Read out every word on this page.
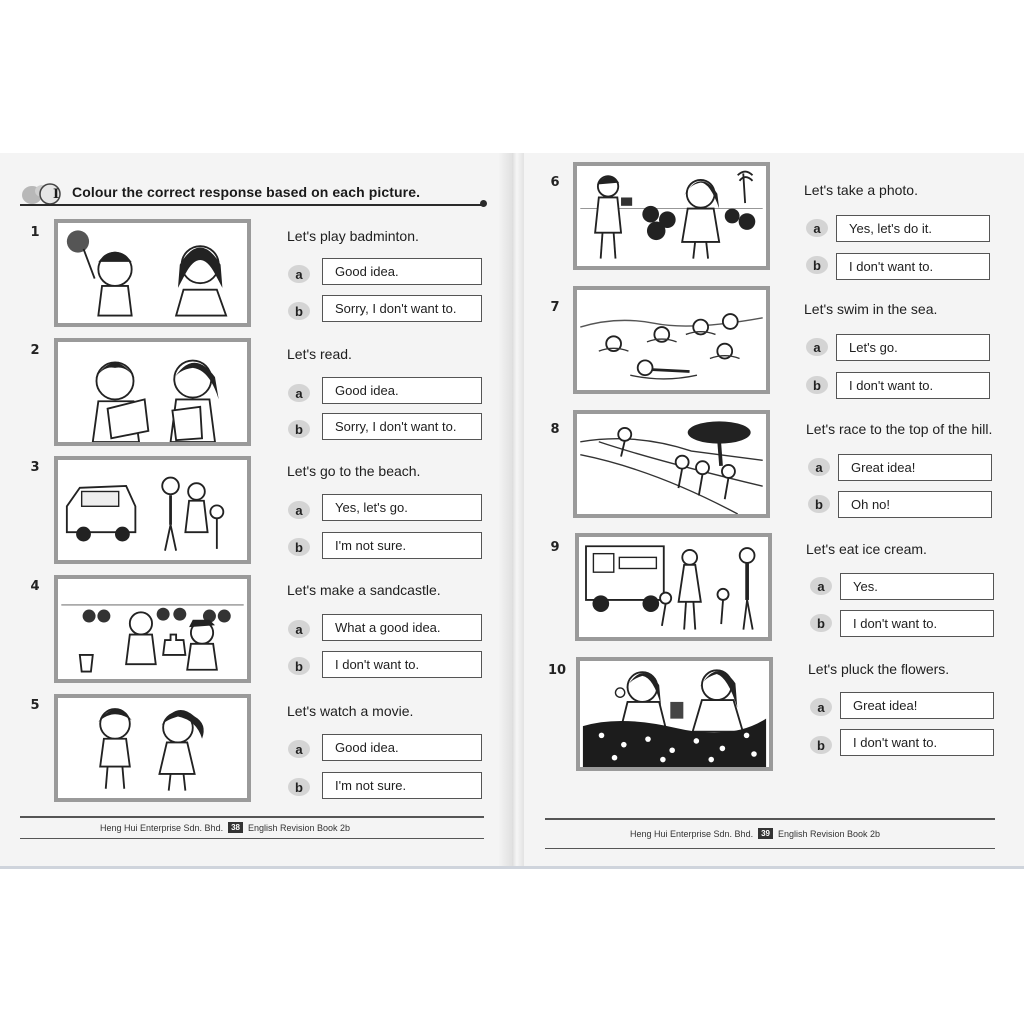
I Colour the correct response based on each picture.
1	Let's play badminton.
a	Good idea.
b	Sorry, I don't want to.
2	Let's read.
a	Good idea.
b	Sorry, I don't want to.
3	Let's go to the beach.
a	Yes, let's go.
b	I'm not sure.
4	Let's make a sandcastle.
a	What a good idea.
b	I don't want to.
5	Let's watch a movie.
a	Good idea.
b	I'm not sure.
Heng Hui Enterprise Sdn. Bhd.	38 English Revision Book 2b
6	Let's take a photo.
a	Yes, let's do it.
b	I don't want to.
7	Let's swim in the sea.
a	Let's go.
b	I don't want to.
8	Let's race to the top of the hill.
a	Great idea!
b	Oh no!
9	Let's eat ice cream.
a	Yes.
b	I don't want to.
10	Let's pluck the flowers.
a	Great idea!
b	I don't want to.
Heng Hui Enterprise Sdn. Bhd.	39 English Revision Book 2b
